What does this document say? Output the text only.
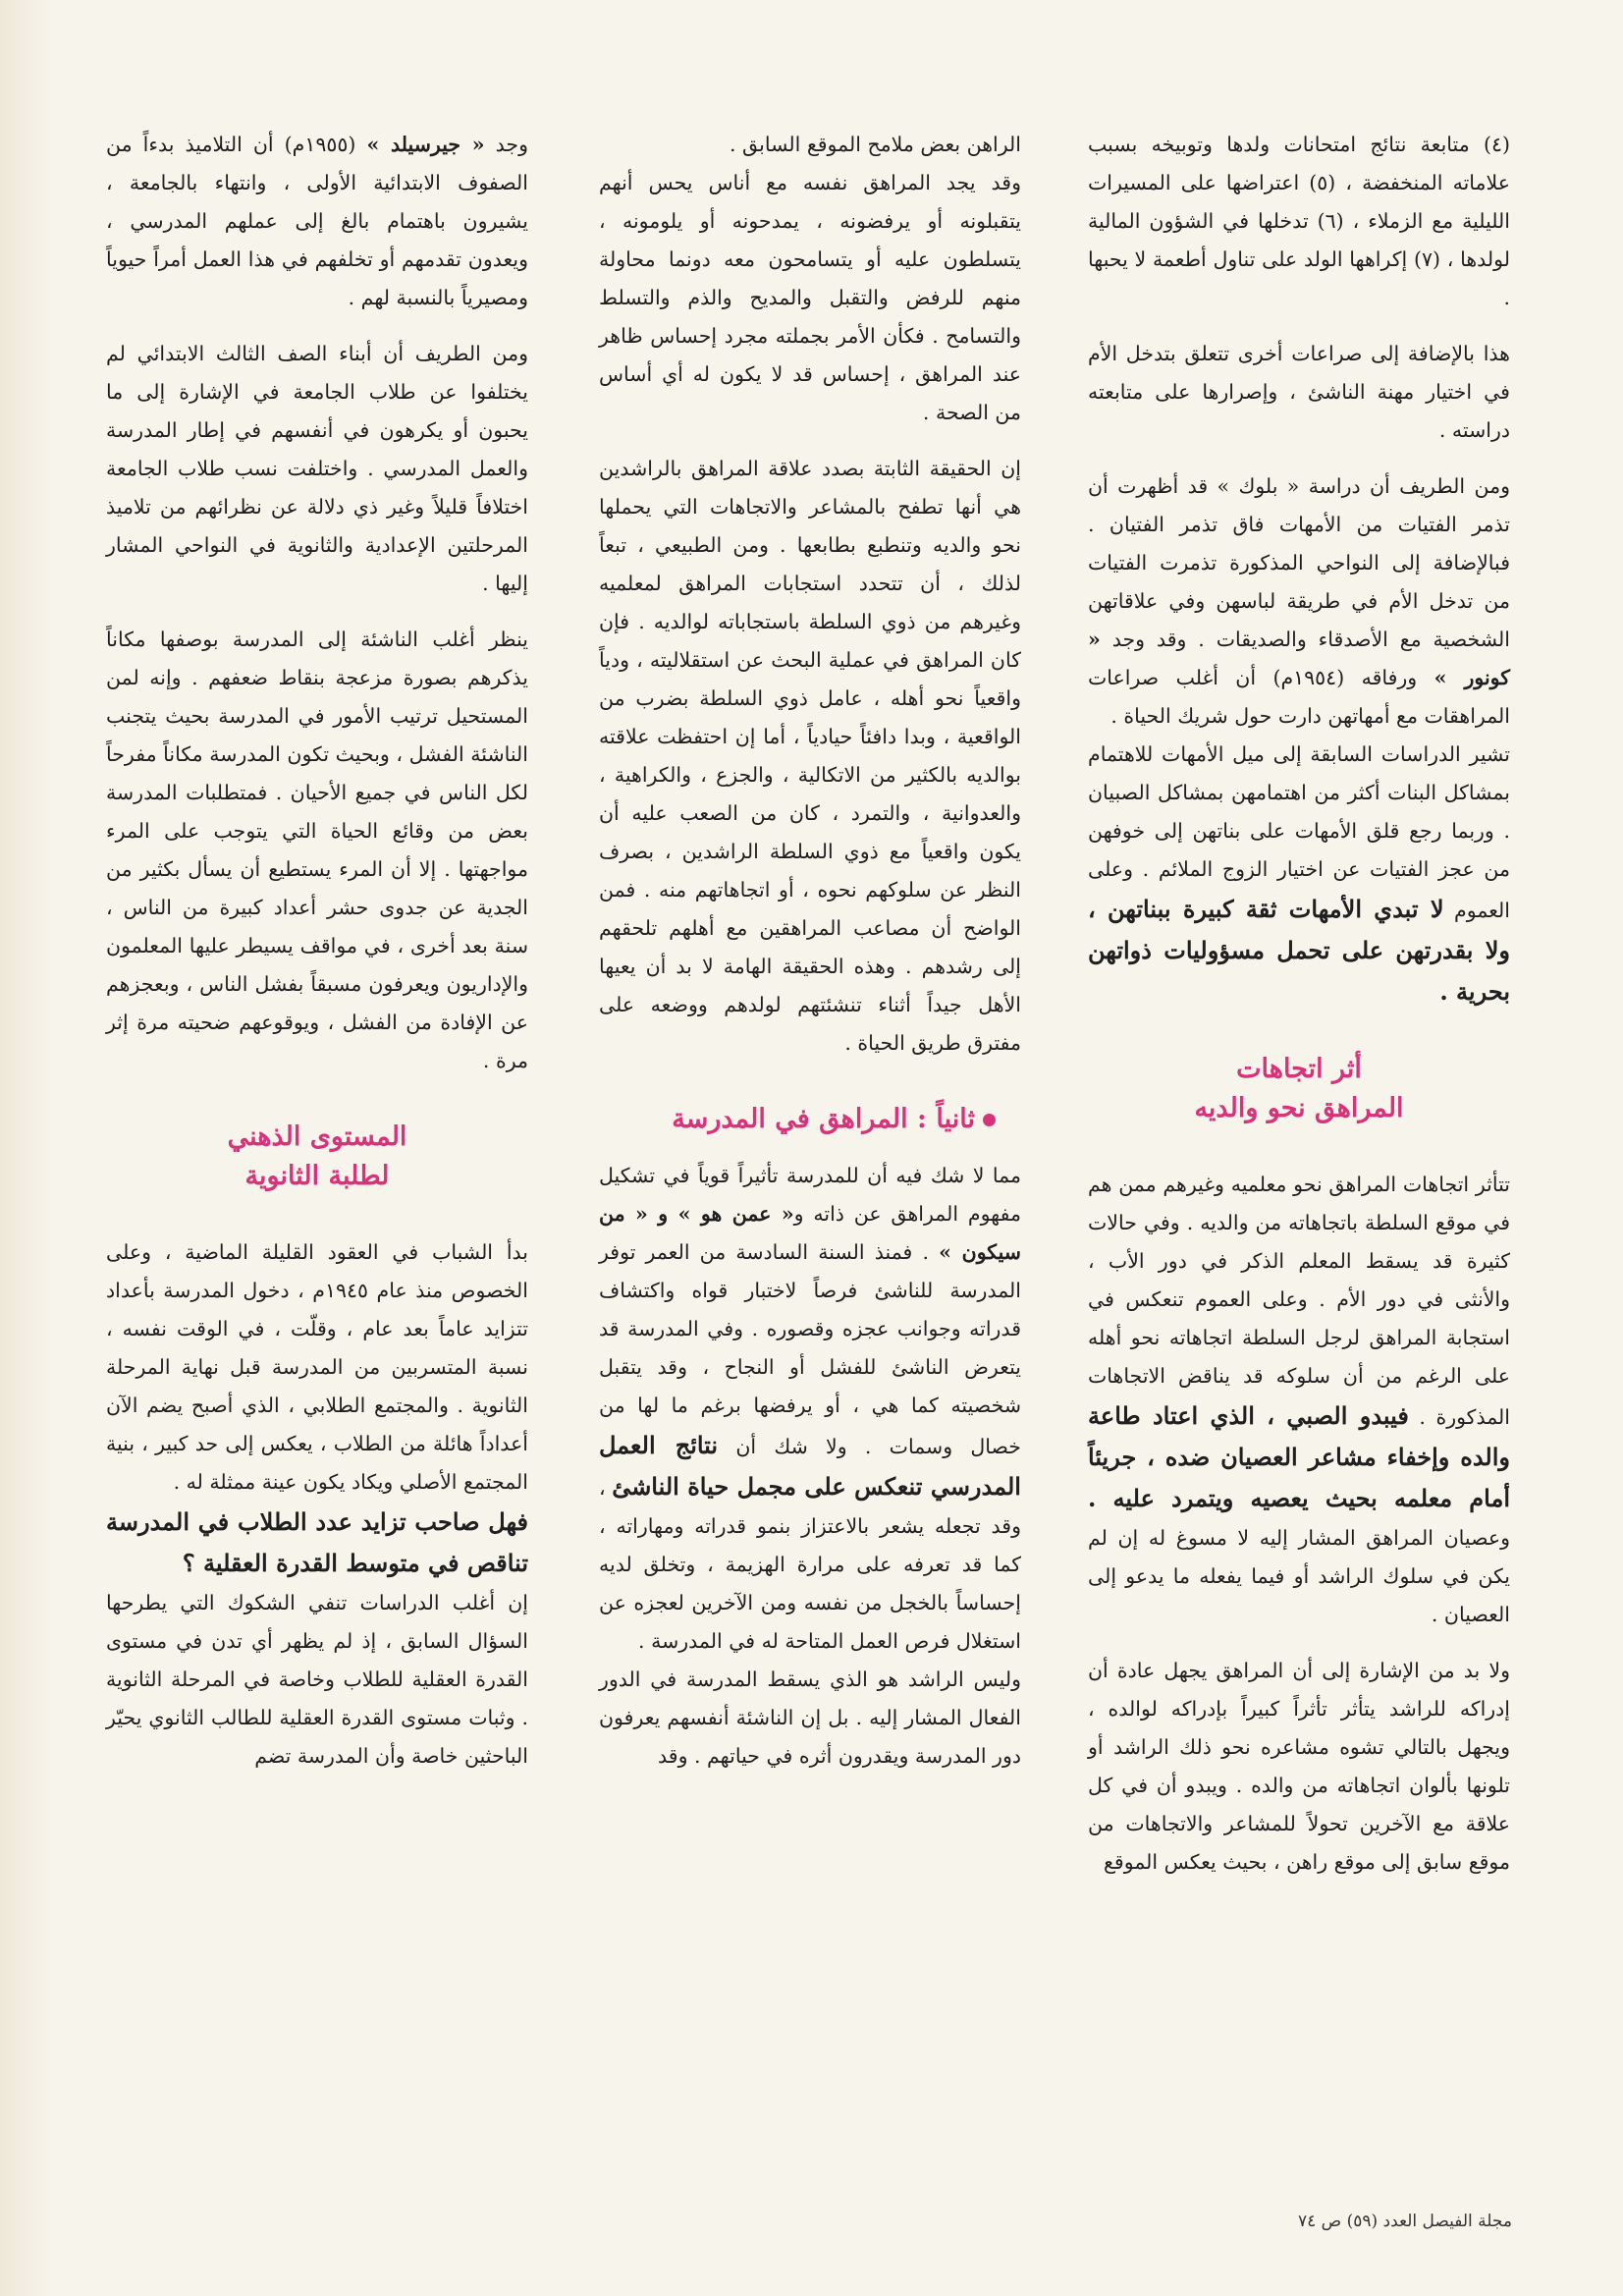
(٤) متابعة نتائج امتحانات ولدها وتوبيخه بسبب علاماته المنخفضة ، (٥) اعتراضها على المسيرات الليلية مع الزملاء ، (٦) تدخلها في الشؤون المالية لولدها ، (٧) إكراهها الولد على تناول أطعمة لا يحبها .

هذا بالإضافة إلى صراعات أخرى تتعلق بتدخل الأم في اختيار مهنة الناشئ ، وإصرارها على متابعته دراسته .

ومن الطريف أن دراسة « بلوك » قد أظهرت أن تذمر الفتيات من الأمهات فاق تذمر الفتيان . فبالإضافة إلى النواحي المذكورة تذمرت الفتيات من تدخل الأم في طريقة لباسهن وفي علاقاتهن الشخصية مع الأصدقاء والصديقات . وقد وجد « كونور » ورفاقه (١٩٥٤م) أن أغلب صراعات المراهقات مع أمهاتهن دارت حول شريك الحياة .

تشير الدراسات السابقة إلى ميل الأمهات للاهتمام بمشاكل البنات أكثر من اهتمامهن بمشاكل الصبيان . وربما رجع قلق الأمهات على بناتهن إلى خوفهن من عجز الفتيات عن اختيار الزوج الملائم . وعلى العموم لا تبدي الأمهات ثقة كبيرة ببناتهن ، ولا بقدرتهن على تحمل مسؤوليات ذواتهن بحرية .

أثر اتجاهات

المراهق نحو والديه

تتأثر اتجاهات المراهق نحو معلميه وغيرهم ممن هم في موقع السلطة باتجاهاته من والديه . وفي حالات كثيرة قد يسقط المعلم الذكر في دور الأب ، والأنثى في دور الأم . وعلى العموم تنعكس في استجابة المراهق لرجل السلطة اتجاهاته نحو أهله على الرغم من أن سلوكه قد يناقض الاتجاهات المذكورة . فيبدو الصبي ، الذي اعتاد طاعة والده وإخفاء مشاعر العصيان ضده ، جريئاً أمام معلمه بحيث يعصيه ويتمرد عليه . وعصيان المراهق المشار إليه لا مسوغ له إن لم يكن في سلوك الراشد أو فيما يفعله ما يدعو إلى العصيان .

ولا بد من الإشارة إلى أن المراهق يجهل عادة أن إدراكه للراشد يتأثر تأثراً كبيراً بإدراكه لوالده ، ويجهل بالتالي تشوه مشاعره نحو ذلك الراشد أو تلونها بألوان اتجاهاته من والده . ويبدو أن في كل علاقة مع الآخرين تحولاً للمشاعر والاتجاهات من موقع سابق إلى موقع راهن ، بحيث يعكس الموقع

الراهن بعض ملامح الموقع السابق .

وقد يجد المراهق نفسه مع أناس يحس أنهم يتقبلونه أو يرفضونه ، يمدحونه أو يلومونه ، يتسلطون عليه أو يتسامحون معه دونما محاولة منهم للرفض والتقبل والمديح والذم والتسلط والتسامح . فكأن الأمر بجملته مجرد إحساس ظاهر عند المراهق ، إحساس قد لا يكون له أي أساس من الصحة .

إن الحقيقة الثابتة بصدد علاقة المراهق بالراشدين هي أنها تطفح بالمشاعر والاتجاهات التي يحملها نحو والديه وتنطبع بطابعها . ومن الطبيعي ، تبعاً لذلك ، أن تتحدد استجابات المراهق لمعلميه وغيرهم من ذوي السلطة باستجاباته لوالديه . فإن كان المراهق في عملية البحث عن استقلاليته ، ودياً واقعياً نحو أهله ، عامل ذوي السلطة بضرب من الواقعية ، وبدا دافئاً حيادياً ، أما إن احتفظت علاقته بوالديه بالكثير من الاتكالية ، والجزع ، والكراهية ، والعدوانية ، والتمرد ، كان من الصعب عليه أن يكون واقعياً مع ذوي السلطة الراشدين ، بصرف النظر عن سلوكهم نحوه ، أو اتجاهاتهم منه . فمن الواضح أن مصاعب المراهقين مع أهلهم تلحقهم إلى رشدهم . وهذه الحقيقة الهامة لا بد أن يعيها الأهل جيداً أثناء تنشئتهم لولدهم ووضعه على مفترق طريق الحياة .

ثانياً : المراهق في المدرسة

مما لا شك فيه أن للمدرسة تأثيراً قوياً في تشكيل مفهوم المراهق عن ذاته و« عمن هو » و « من سيكون » . فمنذ السنة السادسة من العمر توفر المدرسة للناشئ فرصاً لاختبار قواه واكتشاف قدراته وجوانب عجزه وقصوره . وفي المدرسة قد يتعرض الناشئ للفشل أو النجاح ، وقد يتقبل شخصيته كما هي ، أو يرفضها برغم ما لها من خصال وسمات . ولا شك أن نتائج العمل المدرسي تنعكس على مجمل حياة الناشئ ، وقد تجعله يشعر بالاعتزاز بنمو قدراته ومهاراته ، كما قد تعرفه على مرارة الهزيمة ، وتخلق لديه إحساساً بالخجل من نفسه ومن الآخرين لعجزه عن استغلال فرص العمل المتاحة له في المدرسة .

وليس الراشد هو الذي يسقط المدرسة في الدور الفعال المشار إليه . بل إن الناشئة أنفسهم يعرفون دور المدرسة ويقدرون أثره في حياتهم . وقد

وجد « جيرسيلد » (١٩٥٥م) أن التلاميذ بدءاً من الصفوف الابتدائية الأولى ، وانتهاء بالجامعة ، يشيرون باهتمام بالغ إلى عملهم المدرسي ، ويعدون تقدمهم أو تخلفهم في هذا العمل أمراً حيوياً ومصيرياً بالنسبة لهم .

ومن الطريف أن أبناء الصف الثالث الابتدائي لم يختلفوا عن طلاب الجامعة في الإشارة إلى ما يحبون أو يكرهون في أنفسهم في إطار المدرسة والعمل المدرسي . واختلفت نسب طلاب الجامعة اختلافاً قليلاً وغير ذي دلالة عن نظرائهم من تلاميذ المرحلتين الإعدادية والثانوية في النواحي المشار إليها .

ينظر أغلب الناشئة إلى المدرسة بوصفها مكاناً يذكرهم بصورة مزعجة بنقاط ضعفهم . وإنه لمن المستحيل ترتيب الأمور في المدرسة بحيث يتجنب الناشئة الفشل ، وبحيث تكون المدرسة مكاناً مفرحاً لكل الناس في جميع الأحيان . فمتطلبات المدرسة بعض من وقائع الحياة التي يتوجب على المرء مواجهتها . إلا أن المرء يستطيع أن يسأل بكثير من الجدية عن جدوى حشر أعداد كبيرة من الناس ، سنة بعد أخرى ، في مواقف يسيطر عليها المعلمون والإداريون ويعرفون مسبقاً بفشل الناس ، وبعجزهم عن الإفادة من الفشل ، ويوقوعهم ضحيته مرة إثر مرة .

المستوى الذهني

لطلبة الثانوية

بدأ الشباب في العقود القليلة الماضية ، وعلى الخصوص منذ عام ١٩٤٥م ، دخول المدرسة بأعداد تتزايد عاماً بعد عام ، وقلّت ، في الوقت نفسه ، نسبة المتسربين من المدرسة قبل نهاية المرحلة الثانوية . والمجتمع الطلابي ، الذي أصبح يضم الآن أعداداً هائلة من الطلاب ، يعكس إلى حد كبير ، بنية المجتمع الأصلي ويكاد يكون عينة ممثلة له .

فهل صاحب تزايد عدد الطلاب في المدرسة تناقص في متوسط القدرة العقلية ؟

إن أغلب الدراسات تنفي الشكوك التي يطرحها السؤال السابق ، إذ لم يظهر أي تدن في مستوى القدرة العقلية للطلاب وخاصة في المرحلة الثانوية . وثبات مستوى القدرة العقلية للطالب الثانوي يحيّر الباحثين خاصة وأن المدرسة تضم

مجلة الفيصل العدد (٥٩) ص ٧٤
